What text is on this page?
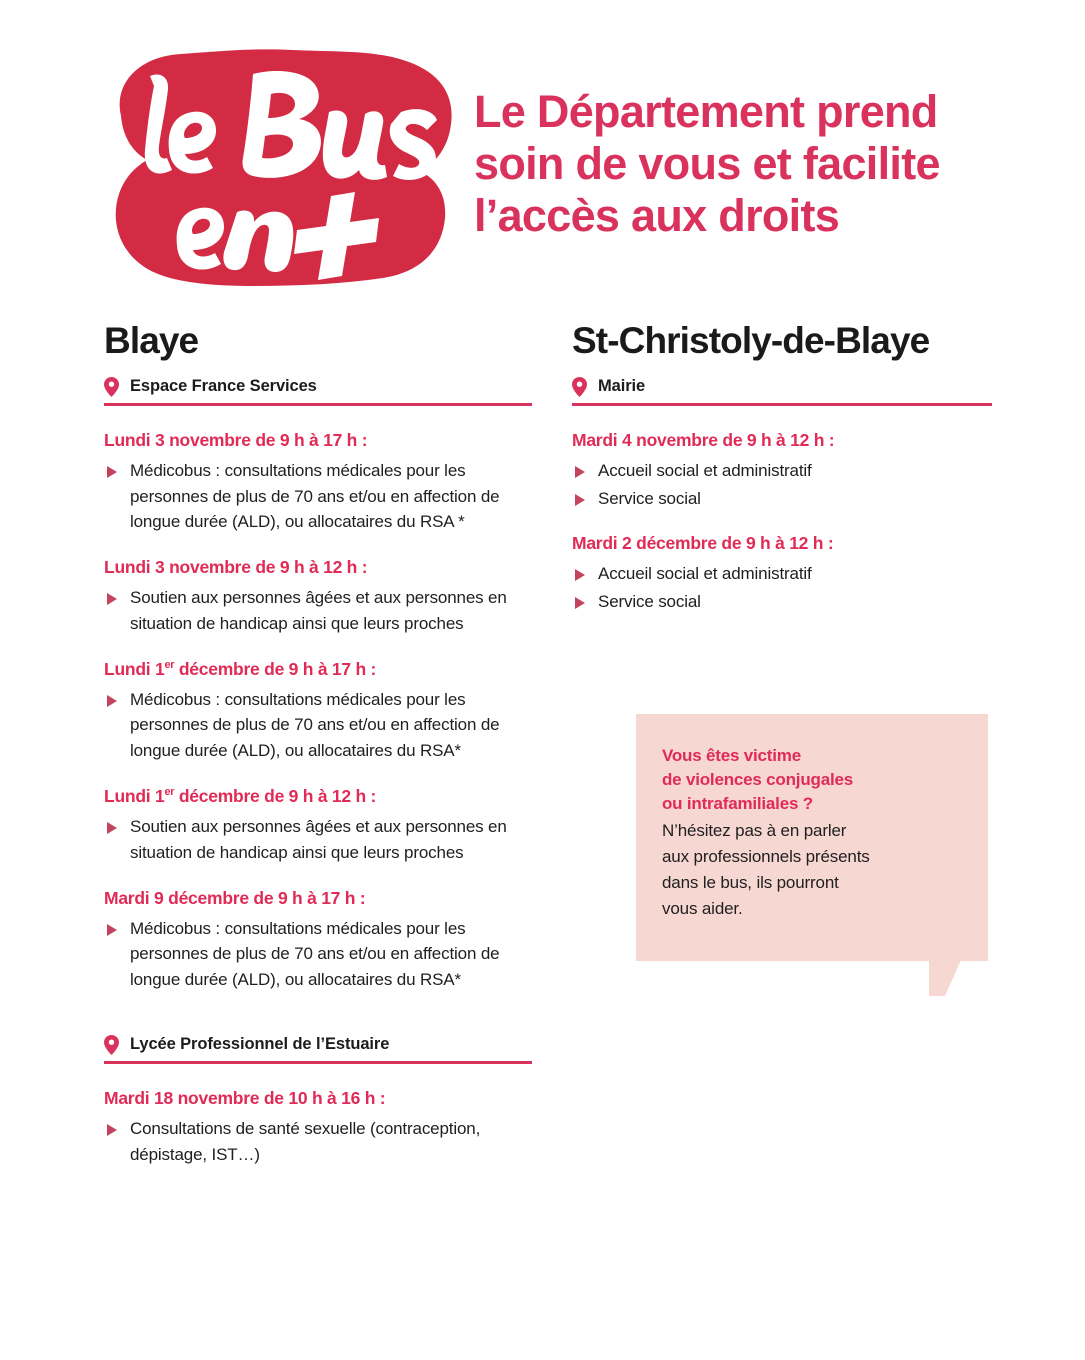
Le Département prend soin de vous et facilite l’accès aux droits
Blaye
Espace France Services
Lundi 3 novembre de 9 h à 17 h :
Médicobus : consultations médicales pour les personnes de plus de 70 ans et/ou en affection de longue durée (ALD), ou allocataires du RSA *
Lundi 3 novembre de 9 h à 12 h :
Soutien aux personnes âgées et aux personnes en situation de handicap ainsi que leurs proches
Lundi 1er décembre de 9 h à 17 h :
Médicobus : consultations médicales pour les personnes de plus de 70 ans et/ou en affection de longue durée (ALD), ou allocataires du RSA*
Lundi 1er décembre de 9 h à 12 h :
Soutien aux personnes âgées et aux personnes en situation de handicap ainsi que leurs proches
Mardi 9 décembre de 9 h à 17 h :
Médicobus : consultations médicales pour les personnes de plus de 70 ans et/ou en affection de longue durée (ALD), ou allocataires du RSA*
Lycée Professionnel de l’Estuaire
Mardi 18 novembre de 10 h à 16 h :
Consultations de santé sexuelle (contraception, dépistage, IST…)
St-Christoly-de-Blaye
Mairie
Mardi 4 novembre de 9 h à 12 h :
Accueil social et administratif
Service social
Mardi 2 décembre de 9 h à 12 h :
Accueil social et administratif
Service social
Vous êtes victime
de violences conjugales
ou intrafamiliales ?
N’hésitez pas à en parler
aux professionnels présents
dans le bus, ils pourront
vous aider.
